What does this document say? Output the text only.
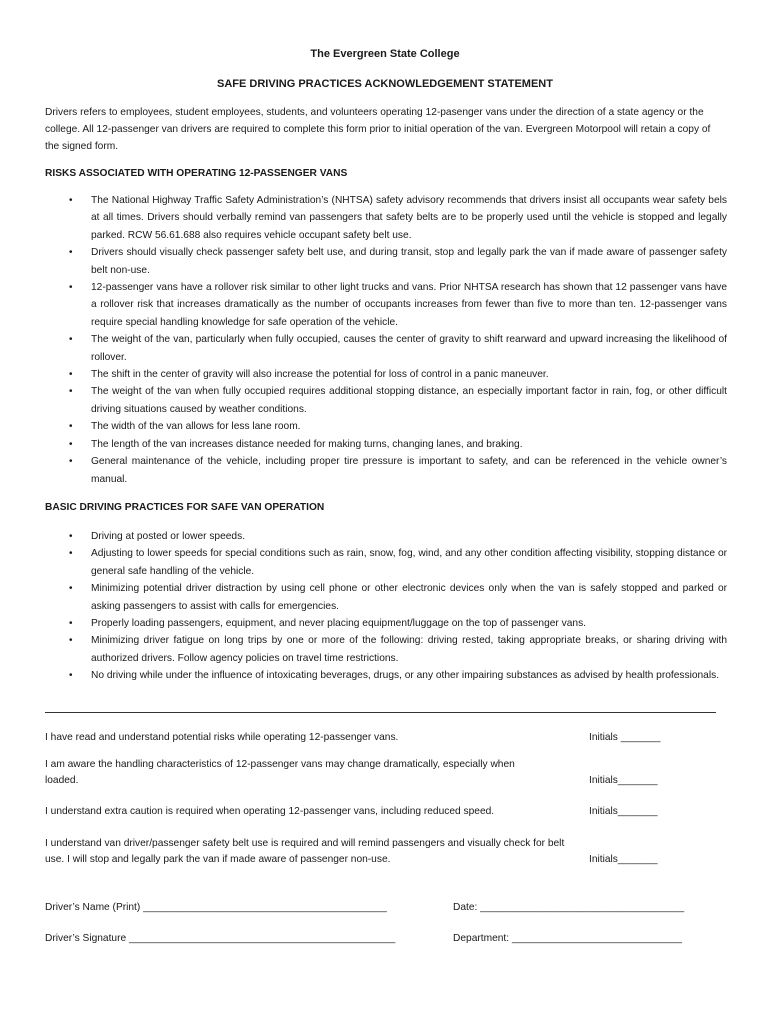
The Evergreen State College
SAFE DRIVING PRACTICES ACKNOWLEDGEMENT STATEMENT

Drivers refers to employees, student employees, students, and volunteers operating 12-pasenger vans under the direction of a state agency or the college. All 12-passenger van drivers are required to complete this form prior to initial operation of the van. Evergreen Motorpool will retain a copy of the signed form.

RISKS ASSOCIATED WITH OPERATING 12-PASSENGER VANS
•	The National Highway Traffic Safety Administration’s (NHTSA) safety advisory recommends that drivers insist all occupants wear safety bels at all times. Drivers should verbally remind van passengers that safety belts are to be properly used until the vehicle is stopped and legally parked. RCW 56.61.688 also requires vehicle occupant safety belt use.
•	Drivers should visually check passenger safety belt use, and during transit, stop and legally park the van if made aware of passenger safety belt non-use.
•	12-passenger vans have a rollover risk similar to other light trucks and vans. Prior NHTSA research has shown that 12 passenger vans have a rollover risk that increases dramatically as the number of occupants increases from fewer than five to more than ten. 12-passenger vans require special handling knowledge for safe operation of the vehicle.
•	The weight of the van, particularly when fully occupied, causes the center of gravity to shift rearward and upward increasing the likelihood of rollover.
•	The shift in the center of gravity will also increase the potential for loss of control in a panic maneuver.
•	The weight of the van when fully occupied requires additional stopping distance, an especially important factor in rain, fog, or other difficult driving situations caused by weather conditions.
•	The width of the van allows for less lane room.
•	The length of the van increases distance needed for making turns, changing lanes, and braking.
•	General maintenance of the vehicle, including proper tire pressure is important to safety, and can be referenced in the vehicle owner’s manual.
BASIC DRIVING PRACTICES FOR SAFE VAN OPERATION
•	Driving at posted or lower speeds.
•	Adjusting to lower speeds for special conditions such as rain, snow, fog, wind, and any other condition affecting visibility, stopping distance or general safe handling of the vehicle.
•	Minimizing potential driver distraction by using cell phone or other electronic devices only when the van is safely stopped and parked or asking passengers to assist with calls for emergencies.
•	Properly loading passengers, equipment, and never placing equipment/luggage on the top of passenger vans.
•	Minimizing driver fatigue on long trips by one or more of the following: driving rested, taking appropriate breaks, or sharing driving with authorized drivers. Follow agency policies on travel time restrictions.
•	No driving while under the influence of intoxicating beverages, drugs, or any other impairing substances as advised by health professionals.
I have read and understand potential risks while operating 12-passenger vans.	Initials _______
I am aware the handling characteristics of 12-passenger vans may change dramatically, especially when loaded.	Initials_______
I understand extra caution is required when operating 12-passenger vans, including reduced speed.	Initials_______
I understand van driver/passenger safety belt use is required and will remind passengers and visually check for belt use. I will stop and legally park the van if made aware of passenger non-use.	Initials_______
Driver’s Name (Print) ___________________________________________	Date: ____________________________________
Driver’s Signature _______________________________________________	Department: ______________________________
